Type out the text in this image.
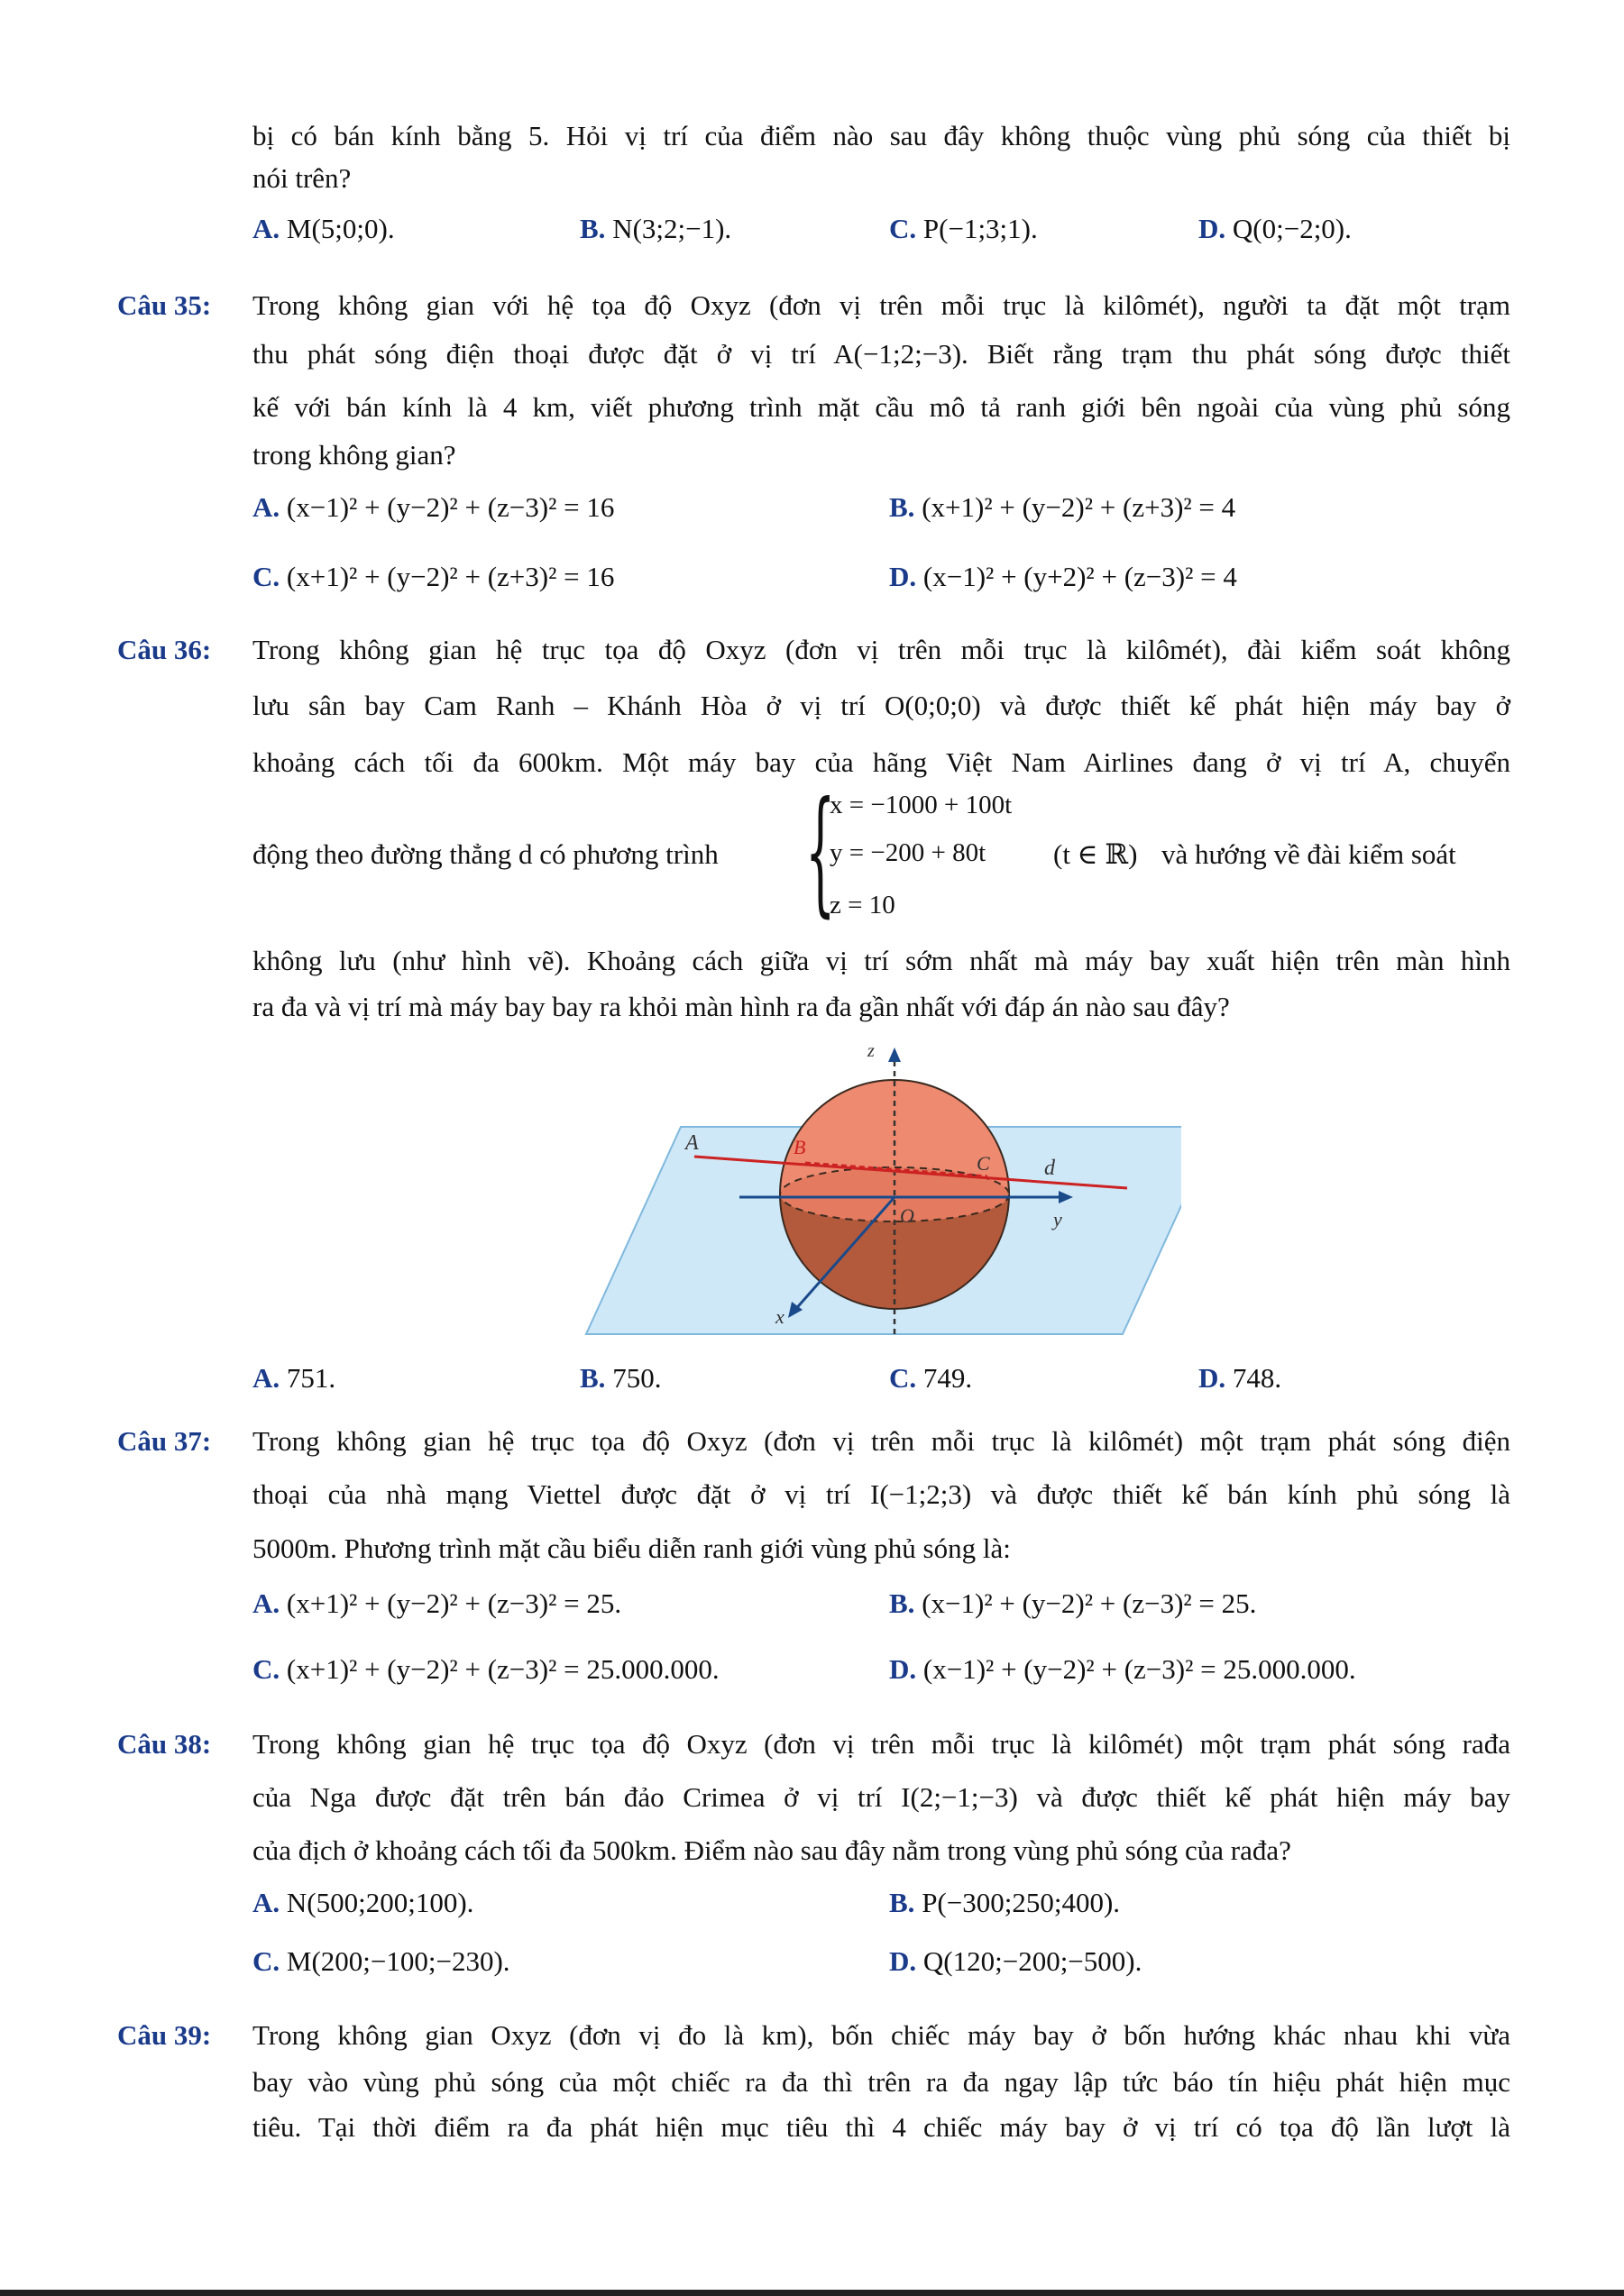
bị có bán kính bằng 5. Hỏi vị trí của điểm nào sau đây không thuộc vùng phủ sóng của thiết bị
nói trên?
A. M(5;0;0).	B. N(3;2;−1).	C. P(−1;3;1).	D. Q(0;−2;0).
Câu 35: Trong không gian với hệ tọa độ Oxyz (đơn vị trên mỗi trục là kilômét), người ta đặt một trạm
thu phát sóng điện thoại được đặt ở vị trí A(−1;2;−3). Biết rằng trạm thu phát sóng được thiết
kế với bán kính là 4 km, viết phương trình mặt cầu mô tả ranh giới bên ngoài của vùng phủ sóng
trong không gian?
A. (x−1)² + (y−2)² + (z−3)² = 16	B. (x+1)² + (y−2)² + (z+3)² = 4
C. (x+1)² + (y−2)² + (z+3)² = 16	D. (x−1)² + (y+2)² + (z−3)² = 4
Câu 36: Trong không gian hệ trục tọa độ Oxyz (đơn vị trên mỗi trục là kilômét), đài kiểm soát không
lưu sân bay Cam Ranh – Khánh Hòa ở vị trí O(0;0;0) và được thiết kế phát hiện máy bay ở
khoảng cách tối đa 600km. Một máy bay của hãng Việt Nam Airlines đang ở vị trí A, chuyển
động theo đường thẳng d có phương trình {
x = −1000 + 100t
y = −200 + 80t
z = 10
(t ∈ ℝ) và hướng về đài kiểm soát
không lưu (như hình vẽ). Khoảng cách giữa vị trí sớm nhất mà máy bay xuất hiện trên màn hình
ra đa và vị trí mà máy bay bay ra khỏi màn hình ra đa gần nhất với đáp án nào sau đây?
z
A	B
C	d
O	y
x
A. 751.	B. 750.	C. 749.	D. 748.
Câu 37: Trong không gian hệ trục tọa độ Oxyz (đơn vị trên mỗi trục là kilômét) một trạm phát sóng điện
thoại của nhà mạng Viettel được đặt ở vị trí I(−1;2;3) và được thiết kế bán kính phủ sóng là
5000m. Phương trình mặt cầu biểu diễn ranh giới vùng phủ sóng là:
A. (x+1)² + (y−2)² + (z−3)² = 25.	B. (x−1)² + (y−2)² + (z−3)² = 25.
C. (x+1)² + (y−2)² + (z−3)² = 25.000.000.	D. (x−1)² + (y−2)² + (z−3)² = 25.000.000.
Câu 38: Trong không gian hệ trục tọa độ Oxyz (đơn vị trên mỗi trục là kilômét) một trạm phát sóng rađa
của Nga được đặt trên bán đảo Crimea ở vị trí I(2;−1;−3) và được thiết kế phát hiện máy bay
của địch ở khoảng cách tối đa 500km. Điểm nào sau đây nằm trong vùng phủ sóng của rađa?
A. N(500;200;100).	B. P(−300;250;400).
C. M(200;−100;−230).	D. Q(120;−200;−500).
Câu 39: Trong không gian Oxyz (đơn vị đo là km), bốn chiếc máy bay ở bốn hướng khác nhau khi vừa
bay vào vùng phủ sóng của một chiếc ra đa thì trên ra đa ngay lập tức báo tín hiệu phát hiện mục
tiêu. Tại thời điểm ra đa phát hiện mục tiêu thì 4 chiếc máy bay ở vị trí có tọa độ lần lượt là
